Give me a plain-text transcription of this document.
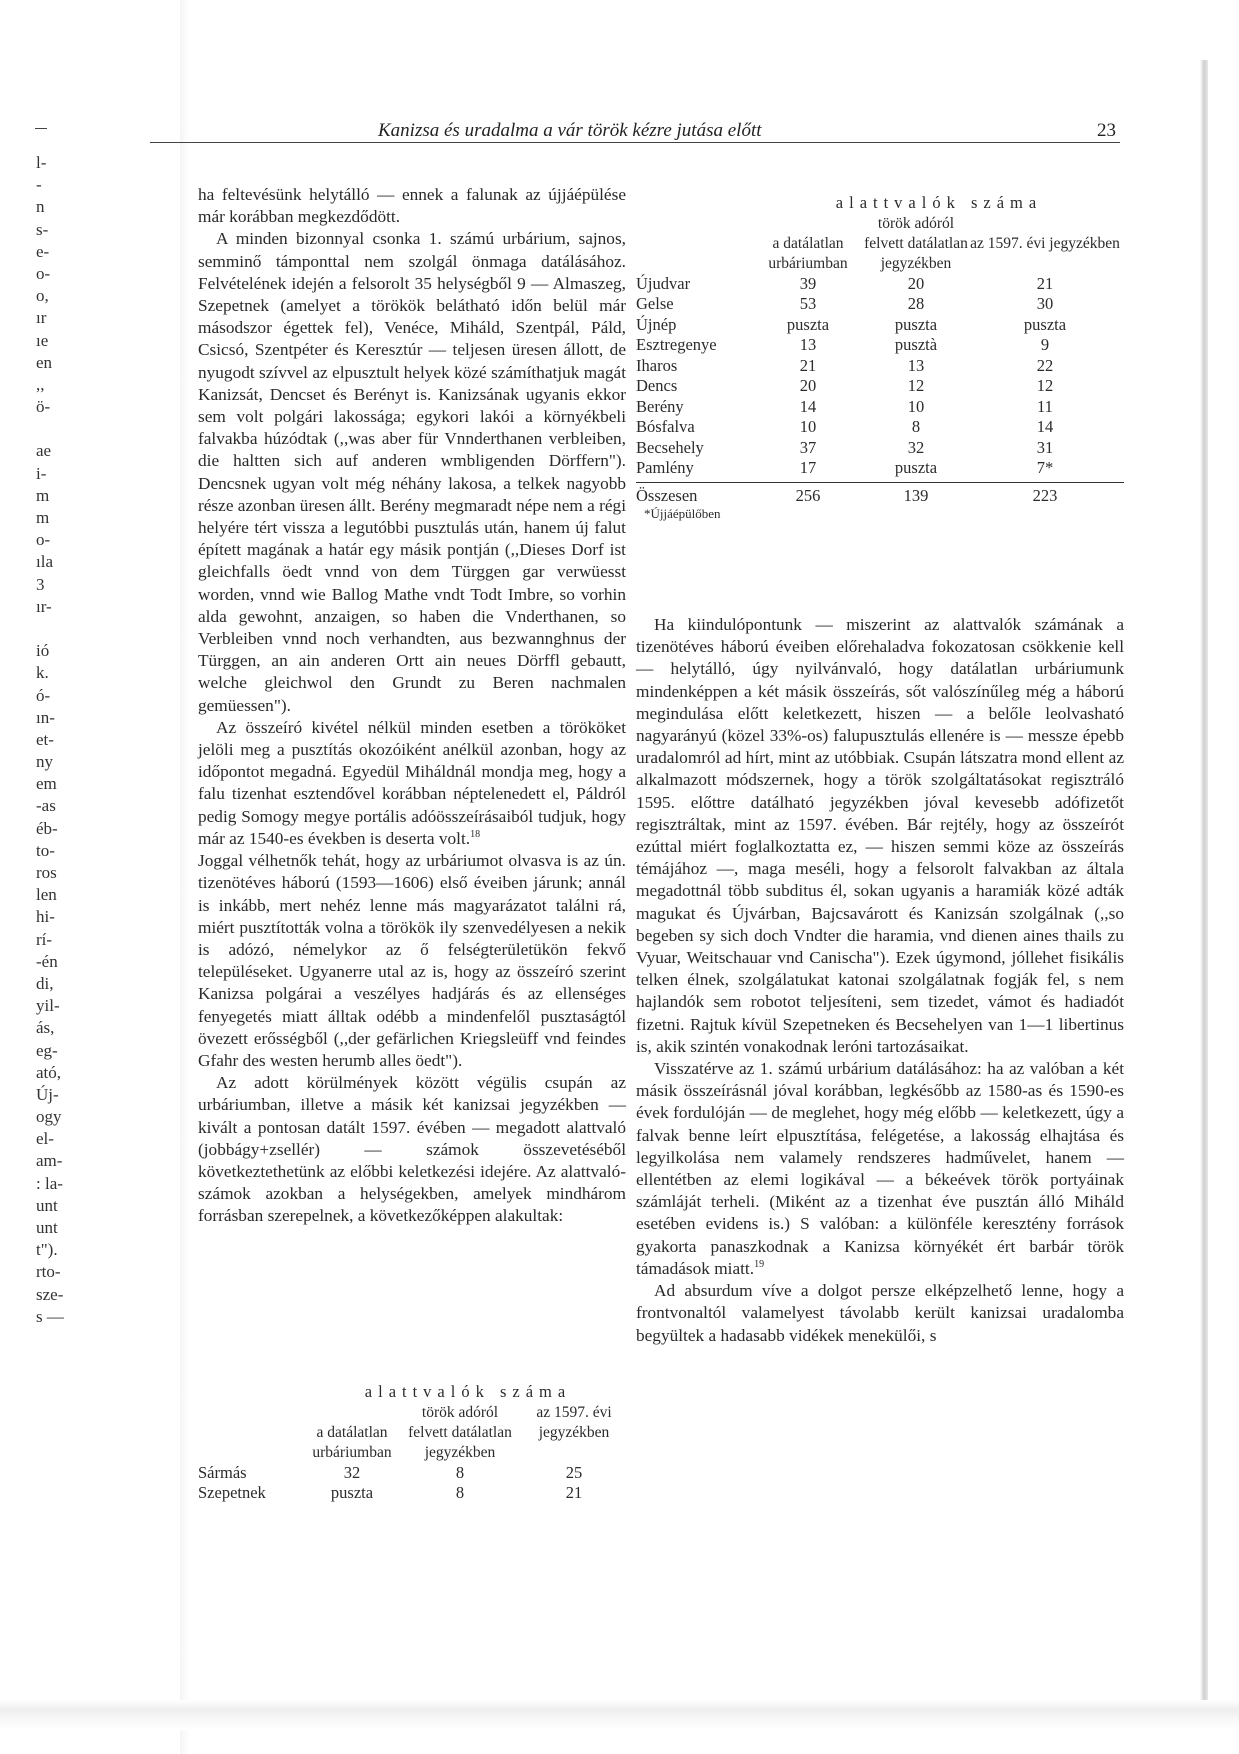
l-
-
n
s-
e-
o-
o,
ır
ıe
en
,,
ö-
ae
i-
m
m
o-
ıla
3
ır-
ió
k.
ó-
ın-
et-
ny
em
-as
éb-
to-
ros
len
hi-
rí-
-én
di,
yil-
ás,
eg-
ató,
Új-
ogy
el-
am-
: la-
unt
unt
t").
rto-
sze-
s —
Kanizsa és uradalma a vár török kézre jutása előtt	23

ha feltevésünk helytálló — ennek a falunak az újjáépülése már korábban megkezdődött.

A minden bizonnyal csonka 1. számú urbárium, sajnos, semminő támponttal nem szolgál önmaga datálásához. Felvételének idején a felsorolt 35 helységből 9 — Almaszeg, Szepetnek (amelyet a törökök belátható időn belül már másodszor égettek fel), Venéce, Miháld, Szentpál, Páld, Csicsó, Szentpéter és Keresztúr — teljesen üresen állott, de nyugodt szívvel az elpusztult helyek közé számíthatjuk magát Kanizsát, Dencset és Berényt is. Kanizsának ugyanis ekkor sem volt polgári lakossága; egykori lakói a környékbeli falvakba húzódtak (,,was aber für Vnnderthanen verbleiben, die haltten sich auf anderen wmbligenden Dörffern"). Dencsnek ugyan volt még néhány lakosa, a telkek nagyobb része azonban üresen állt. Berény megmaradt népe nem a régi helyére tért vissza a legutóbbi pusztulás után, hanem új falut épített magának a határ egy másik pontján (,,Dieses Dorf ist gleichfalls öedt vnnd von dem Türggen gar verwüesst worden, vnnd wie Ballog Mathe vndt Todt Imbre, so vorhin alda gewohnt, anzaigen, so haben die Vnderthanen, so Verbleiben vnnd noch verhandten, aus bezwannghnus der Türggen, an ain anderen Ortt ain neues Dörffl gebautt, welche gleichwol den Grundt zu Beren nachmalen gemüessen").

Az összeíró kivétel nélkül minden esetben a törököket jelöli meg a pusztítás okozóiként anélkül azonban, hogy az időpontot megadná. Egyedül Miháldnál mondja meg, hogy a falu tizenhat esztendővel korábban néptelenedett el, Páldról pedig Somogy megye portális adóösszeírásaiból tudjuk, hogy már az 1540-es években is deserta volt.$^{18}$

Joggal vélhetnők tehát, hogy az urbáriumot olvasva is az ún. tizenötéves háború (1593—1606) első éveiben járunk; annál is inkább, mert nehéz lenne más magyarázatot találni rá, miért pusztították volna a törökök ily szenvedélyesen a nekik is adózó, némelykor az ő felségterületükön fekvő településeket. Ugyanerre utal az is, hogy az összeíró szerint Kanizsa polgárai a veszélyes hadjárás és az ellenséges fenyegetés miatt álltak odébb a mindenfelől pusztaságtól övezett erősségből (,,der gefärlichen Kriegsleüff vnd feindes Gfahr des westen herumb alles öedt").

Az adott körülmények között végülis csupán az urbáriumban, illetve a másik két kanizsai jegyzékben — kivált a pontosan datált 1597. évében — megadott alattvaló (jobbágy+zsellér) — számok összevetéséből következtethetünk az előbbi keletkezési idejére. Az alattvaló-számok azokban a helységekben, amelyek mindhárom forrásban szerepelnek, a következőképpen alakultak:

alattvalók száma
a datálatlan urbáriumban
török adóról felvett datálatlan jegyzékben
az 1597. évi jegyzékben
Újudvar	39	20	21
Gelse	53	28	30
Újnép	puszta	puszta	puszta
Esztregenye	13	pusztà	9
Iharos	21	13	22
Dencs	20	12	12
Berény	14	10	11
Bósfalva	10	8	14
Becsehely	37	32	31
Pamlény	17	puszta	7*
Összesen	256	139	223
*Újjáépülőben
alattvalók száma
a datálatlan urbáriumban
török adóról felvett datálatlan jegyzékben
az 1597. évi jegyzékben
Sármás	32	8	25
Szepetnek	puszta	8	21

Ha kiindulópontunk — miszerint az alattvalók számának a tizenötéves háború éveiben előrehaladva fokozatosan csökkenie kell — helytálló, úgy nyilvánvaló, hogy datálatlan urbáriumunk mindenképpen a két másik összeírás, sőt valószínűleg még a háború megindulása előtt keletkezett, hiszen — a belőle leolvasható nagyarányú (közel 33%-os) falupusztulás ellenére is — messze épebb uradalomról ad hírt, mint az utóbbiak. Csupán látszatra mond ellent az alkalmazott módszernek, hogy a török szolgáltatásokat regisztráló 1595. előttre datálható jegyzékben jóval kevesebb adófizetőt regisztráltak, mint az 1597. évében. Bár rejtély, hogy az összeírót ezúttal miért foglalkoztatta ez, — hiszen semmi köze az összeírás témájához —, maga meséli, hogy a felsorolt falvakban az általa megadottnál több subditus él, sokan ugyanis a haramiák közé adták magukat és Újvárban, Bajcsavárott és Kanizsán szolgálnak (,,so begeben sy sich doch Vndter die haramia, vnd dienen aines thails zu Vyuar, Weitschauar vnd Canischa"). Ezek úgymond, jóllehet fisikális telken élnek, szolgálatukat katonai szolgálatnak fogják fel, s nem hajlandók sem robotot teljesíteni, sem tizedet, vámot és hadiadót fizetni. Rajtuk kívül Szepetneken és Becsehelyen van 1—1 libertinus is, akik szintén vonakodnak leróni tartozásaikat.

Visszatérve az 1. számú urbárium datálásához: ha az valóban a két másik összeírásnál jóval korábban, legkésőbb az 1580-as és 1590-es évek fordulóján — de meglehet, hogy még előbb — keletkezett, úgy a falvak benne leírt elpusztítása, felégetése, a lakosság elhajtása és legyilkolása nem valamely rendszeres hadművelet, hanem — ellentétben az elemi logikával — a békeévek török portyáinak számláját terheli. (Miként az a tizenhat éve pusztán álló Miháld esetében evidens is.) S valóban: a különféle keresztény források gyakorta panaszkodnak a Kanizsa környékét ért barbár török támadások miatt.$^{19}$

Ad absurdum víve a dolgot persze elképzelhető lenne, hogy a frontvonaltól valamelyest távolabb került kanizsai uradalomba begyültek a hadasabb vidékek menekülői, s
